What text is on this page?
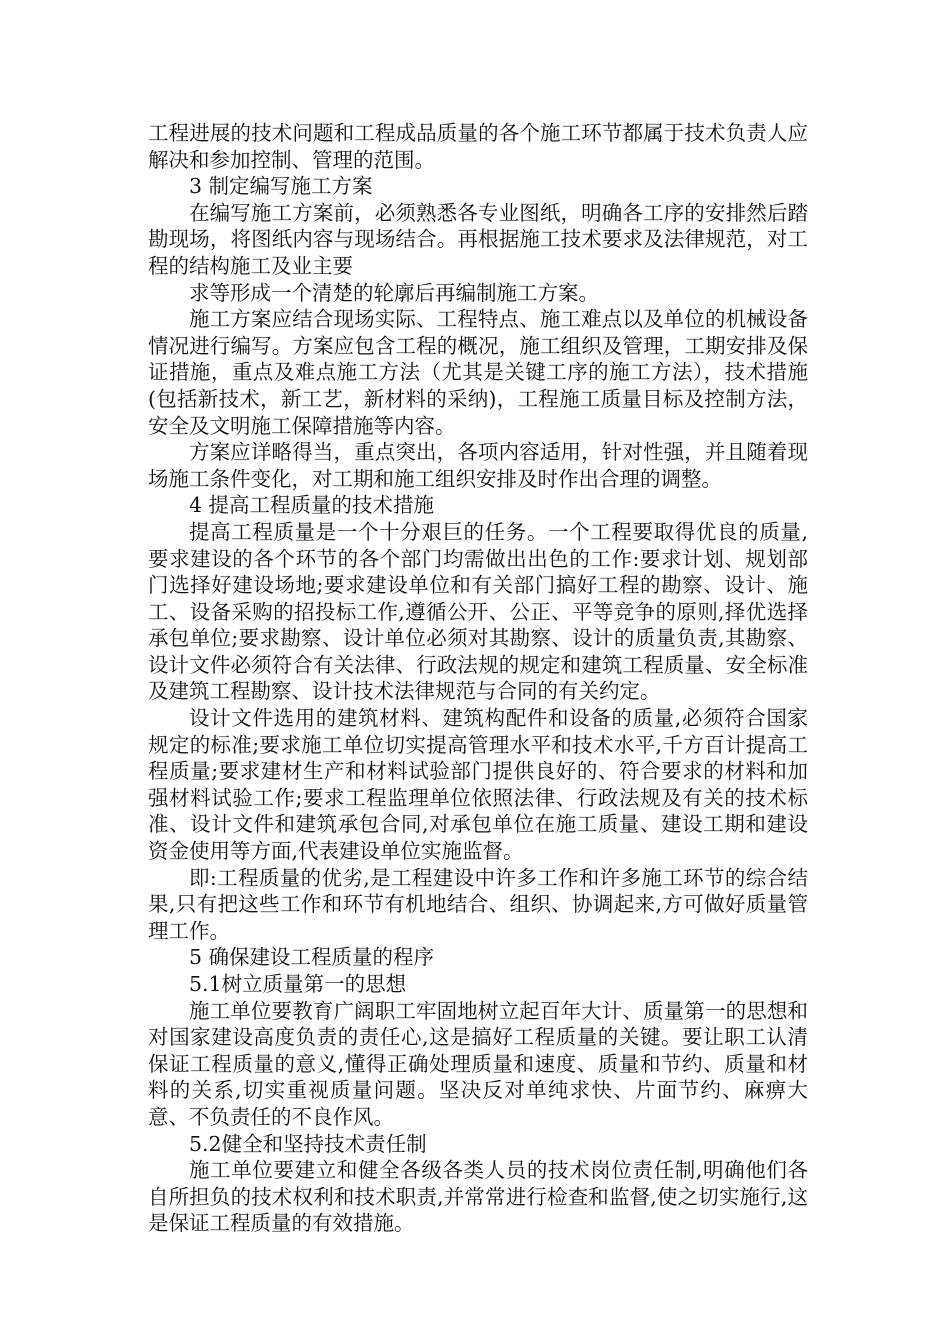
工程进展的技术问题和工程成品质量的各个施工环节都属于技术负责人应解决和参加控制、管理的范围。

3 制定编写施工方案

在编写施工方案前，必须熟悉各专业图纸，明确各工序的安排然后踏勘现场，将图纸内容与现场结合。再根据施工技术要求及法律规范，对工程的结构施工及业主要

求等形成一个清楚的轮廓后再编制施工方案。

施工方案应结合现场实际、工程特点、施工难点以及单位的机械设备情况进行编写。方案应包含工程的概况，施工组织及管理，工期安排及保证措施，重点及难点施工方法（尤其是关键工序的施工方法），技术措施(包括新技术，新工艺，新材料的采纳)，工程施工质量目标及控制方法，安全及文明施工保障措施等内容。

方案应详略得当，重点突出，各项内容适用，针对性强，并且随着现场施工条件变化，对工期和施工组织安排及时作出合理的调整。

4 提高工程质量的技术措施

提高工程质量是一个十分艰巨的任务。一个工程要取得优良的质量,要求建设的各个环节的各个部门均需做出出色的工作:要求计划、规划部门选择好建设场地;要求建设单位和有关部门搞好工程的勘察、设计、施工、设备采购的招投标工作,遵循公开、公正、平等竞争的原则,择优选择承包单位;要求勘察、设计单位必须对其勘察、设计的质量负责,其勘察、设计文件必须符合有关法律、行政法规的规定和建筑工程质量、安全标准及建筑工程勘察、设计技术法律规范与合同的有关约定。

设计文件选用的建筑材料、建筑构配件和设备的质量,必须符合国家规定的标准;要求施工单位切实提高管理水平和技术水平,千方百计提高工程质量;要求建材生产和材料试验部门提供良好的、符合要求的材料和加强材料试验工作;要求工程监理单位依照法律、行政法规及有关的技术标准、设计文件和建筑承包合同,对承包单位在施工质量、建设工期和建设资金使用等方面,代表建设单位实施监督。

即:工程质量的优劣,是工程建设中许多工作和许多施工环节的综合结果,只有把这些工作和环节有机地结合、组织、协调起来,方可做好质量管理工作。

5 确保建设工程质量的程序

5.1树立质量第一的思想

施工单位要教育广阔职工牢固地树立起百年大计、质量第一的思想和对国家建设高度负责的责任心,这是搞好工程质量的关键。要让职工认清保证工程质量的意义,懂得正确处理质量和速度、质量和节约、质量和材料的关系,切实重视质量问题。坚决反对单纯求快、片面节约、麻痹大意、不负责任的不良作风。

5.2健全和坚持技术责任制

施工单位要建立和健全各级各类人员的技术岗位责任制,明确他们各自所担负的技术权利和技术职责,并常常进行检查和监督,使之切实施行,这是保证工程质量的有效措施。
